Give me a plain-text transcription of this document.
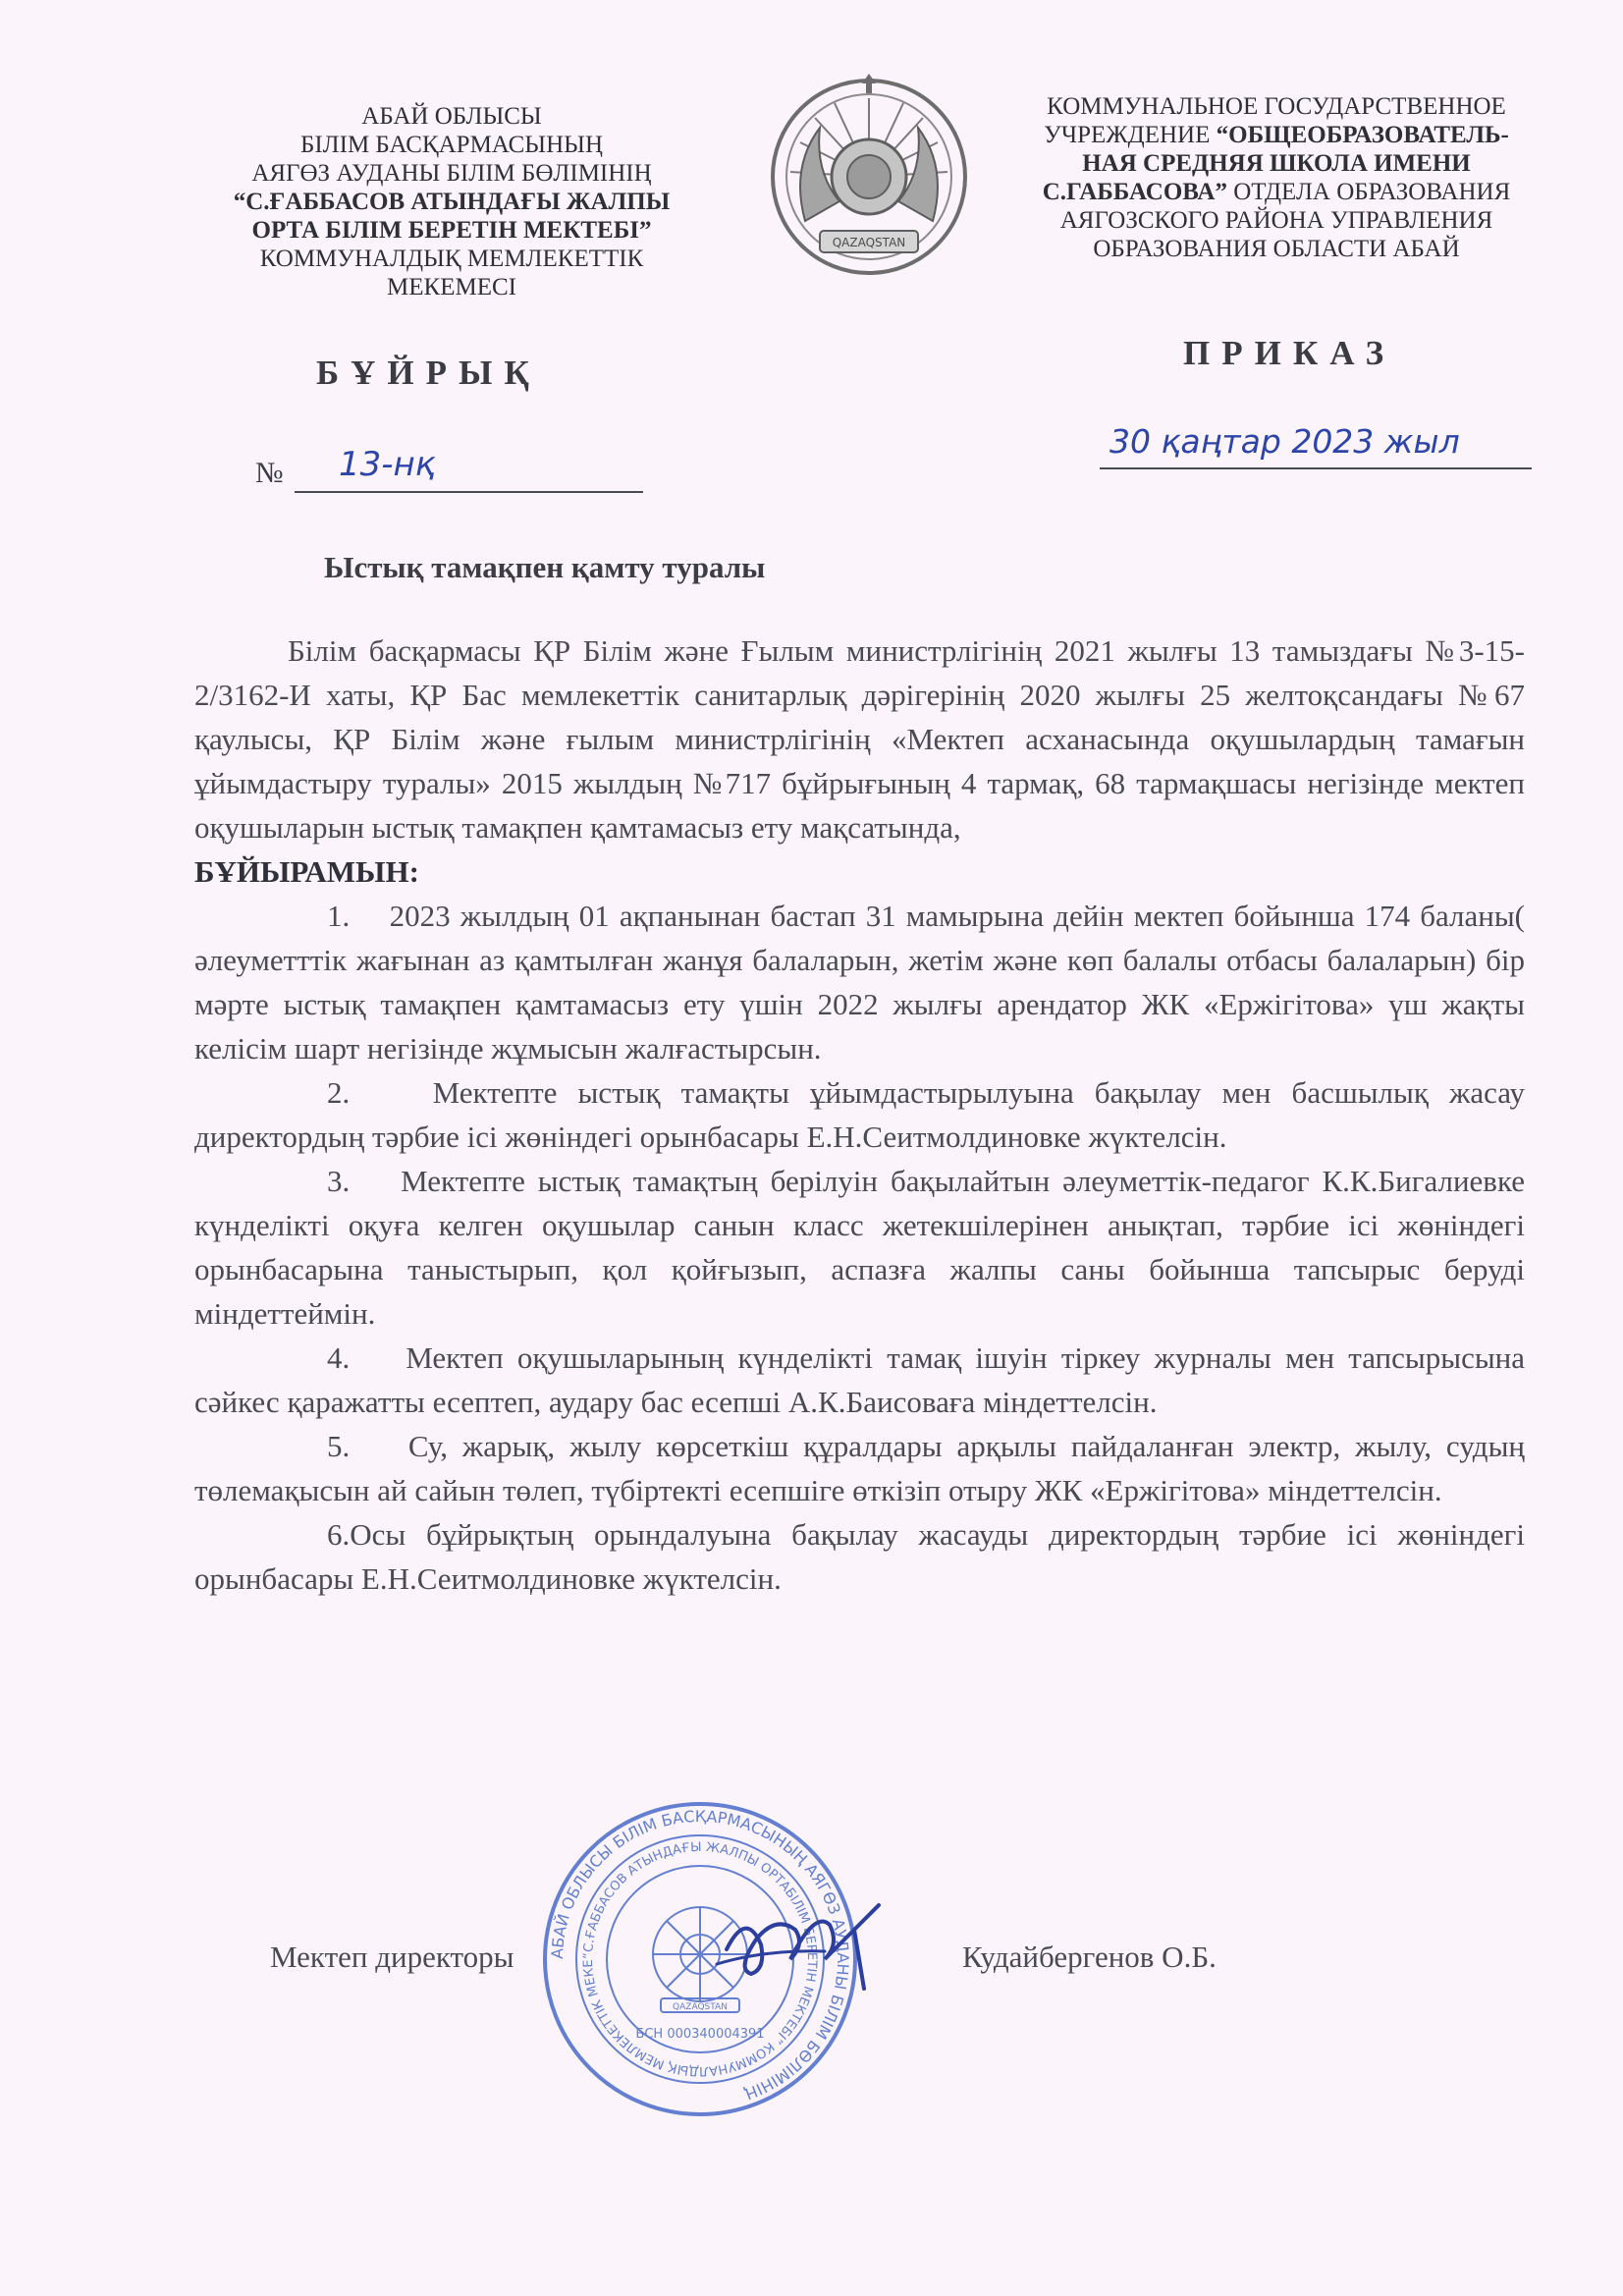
АБАЙ ОБЛЫСЫ
БІЛІМ БАСҚАРМАСЫНЫҢ
АЯГӨЗ АУДАНЫ БІЛІМ БӨЛІМІНІҢ
“С.ҒАББАСОВ АТЫНДАҒЫ ЖАЛПЫ
ОРТА БІЛІМ БЕРЕТІН МЕКТЕБІ”
КОММУНАЛДЫҚ МЕМЛЕКЕТТІК
МЕКЕМЕСІ
QAZAQSTAN
КОММУНАЛЬНОЕ ГОСУДАРСТВЕННОЕ
УЧРЕЖДЕНИЕ “ОБЩЕОБРАЗОВАТЕЛЬ-
НАЯ СРЕДНЯЯ ШКОЛА ИМЕНИ
С.ГАББАСОВА” ОТДЕЛА ОБРАЗОВАНИЯ
АЯГОЗСКОГО РАЙОНА УПРАВЛЕНИЯ
ОБРАЗОВАНИЯ ОБЛАСТИ АБАЙ
БҰЙРЫҚ
ПРИКАЗ
№ 13-нқ
30 қаңтар 2023 жыл
Ыстық тамақпен қамту туралы

Білім басқармасы ҚР Білім және Ғылым министрлігінің 2021 жылғы 13 тамыздағы №3-15-2/3162-И хаты, ҚР Бас мемлекеттік санитарлық дәрігерінің 2020 жылғы 25 желтоқсандағы №67 қаулысы, ҚР Білім және ғылым министрлігінің «Мектеп асханасында оқушылардың тамағын ұйымдастыру туралы» 2015 жылдың №717 бұйрығының 4 тармақ, 68 тармақшасы негізінде мектеп оқушыларын ыстық тамақпен қамтамасыз ету мақсатында,

БҰЙЫРАМЫН:

1.    2023 жылдың 01 ақпанынан бастап 31 мамырына дейін мектеп бойынша 174 баланы( әлеуметттік жағынан аз қамтылған жанұя балаларын, жетім және көп балалы отбасы балаларын) бір мәрте ыстық тамақпен қамтамасыз ету үшін 2022 жылғы арендатор ЖК «Ержігітова» үш жақты келісім шарт негізінде жұмысын жалғастырсын.

2.    Мектепте ыстық тамақты ұйымдастырылуына бақылау мен басшылық жасау директордың тәрбие ісі жөніндегі орынбасары Е.Н.Сеитмолдиновке жүктелсін.

3.    Мектепте ыстық тамақтың берілуін бақылайтын әлеуметтік-педагог К.К.Бигалиевке күнделікті оқуға келген оқушылар санын класс жетекшілерінен анықтап, тәрбие ісі жөніндегі орынбасарына таныстырып, қол қойғызып, аспазға жалпы саны бойынша тапсырыс беруді міндеттеймін.

4.    Мектеп оқушыларының күнделікті тамақ ішуін тіркеу журналы мен тапсырысына сәйкес қаражатты есептеп, аудару бас есепші А.К.Баисоваға міндеттелсін.

5.    Су, жарық, жылу көрсеткіш құралдары арқылы пайдаланған электр, жылу, судың төлемақысын ай сайын төлеп, түбіртекті есепшіге өткізіп отыру ЖК «Ержігітова» міндеттелсін.

6.Осы бұйрықтың орындалуына бақылау жасауды директордың тәрбие ісі жөніндегі орынбасары Е.Н.Сеитмолдиновке жүктелсін.

АБАЙ ОБЛЫСЫ БІЛІМ БАСҚАРМАСЫНЫҢ АЯГӨЗ АУДАНЫ БІЛІМ БӨЛІМІНІҢ
“С.ҒАББАСОВ АТЫНДАҒЫ ЖАЛПЫ ОРТАБІЛІМ БЕРЕТІН МЕКТЕБІ” КОММУНАЛДЫҚ МЕМЛЕКЕТТІК МЕКЕ
QAZAQSTAN
БСН 000340004391
Мектеп директоры	Кудайбергенов О.Б.
